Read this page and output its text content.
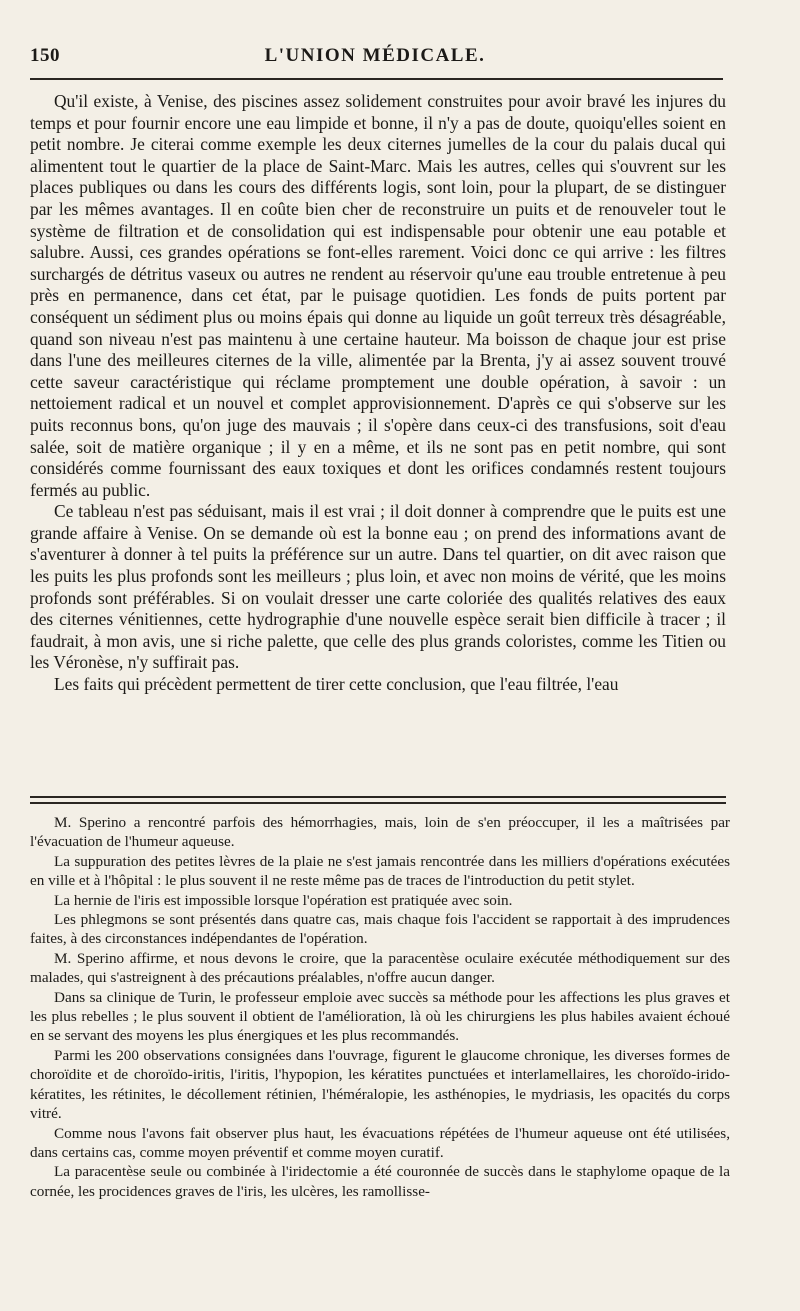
150	L'UNION MÉDICALE.

Qu'il existe, à Venise, des piscines assez solidement construites pour avoir bravé les injures du temps et pour fournir encore une eau limpide et bonne, il n'y a pas de doute, quoiqu'elles soient en petit nombre. Je citerai comme exemple les deux citernes jumelles de la cour du palais ducal qui alimentent tout le quartier de la place de Saint-Marc. Mais les autres, celles qui s'ouvrent sur les places publiques ou dans les cours des différents logis, sont loin, pour la plupart, de se distinguer par les mêmes avantages. Il en coûte bien cher de reconstruire un puits et de renouveler tout le système de filtration et de consolidation qui est indispensable pour obtenir une eau potable et salubre. Aussi, ces grandes opérations se font-elles rarement. Voici donc ce qui arrive : les filtres surchargés de détritus vaseux ou autres ne rendent au réservoir qu'une eau trouble entretenue à peu près en permanence, dans cet état, par le puisage quotidien. Les fonds de puits portent par conséquent un sédiment plus ou moins épais qui donne au liquide un goût terreux très désagréable, quand son niveau n'est pas maintenu à une certaine hauteur. Ma boisson de chaque jour est prise dans l'une des meilleures citernes de la ville, alimentée par la Brenta, j'y ai assez souvent trouvé cette saveur caractéristique qui réclame promptement une double opération, à savoir : un nettoiement radical et un nouvel et complet approvisionnement. D'après ce qui s'observe sur les puits reconnus bons, qu'on juge des mauvais ; il s'opère dans ceux-ci des transfusions, soit d'eau salée, soit de matière organique ; il y en a même, et ils ne sont pas en petit nombre, qui sont considérés comme fournissant des eaux toxiques et dont les orifices condamnés restent toujours fermés au public.

Ce tableau n'est pas séduisant, mais il est vrai ; il doit donner à comprendre que le puits est une grande affaire à Venise. On se demande où est la bonne eau ; on prend des informations avant de s'aventurer à donner à tel puits la préférence sur un autre. Dans tel quartier, on dit avec raison que les puits les plus profonds sont les meilleurs ; plus loin, et avec non moins de vérité, que les moins profonds sont préférables. Si on voulait dresser une carte coloriée des qualités relatives des eaux des citernes vénitiennes, cette hydrographie d'une nouvelle espèce serait bien difficile à tracer ; il faudrait, à mon avis, une si riche palette, que celle des plus grands coloristes, comme les Titien ou les Véronèse, n'y suffirait pas.

Les faits qui précèdent permettent de tirer cette conclusion, que l'eau filtrée, l'eau

M. Sperino a rencontré parfois des hémorrhagies, mais, loin de s'en préoccuper, il les a maîtrisées par l'évacuation de l'humeur aqueuse.

La suppuration des petites lèvres de la plaie ne s'est jamais rencontrée dans les milliers d'opérations exécutées en ville et à l'hôpital : le plus souvent il ne reste même pas de traces de l'introduction du petit stylet.

La hernie de l'iris est impossible lorsque l'opération est pratiquée avec soin.

Les phlegmons se sont présentés dans quatre cas, mais chaque fois l'accident se rapportait à des imprudences faites, à des circonstances indépendantes de l'opération.

M. Sperino affirme, et nous devons le croire, que la paracentèse oculaire exécutée méthodiquement sur des malades, qui s'astreignent à des précautions préalables, n'offre aucun danger.

Dans sa clinique de Turin, le professeur emploie avec succès sa méthode pour les affections les plus graves et les plus rebelles ; le plus souvent il obtient de l'amélioration, là où les chirurgiens les plus habiles avaient échoué en se servant des moyens les plus énergiques et les plus recommandés.

Parmi les 200 observations consignées dans l'ouvrage, figurent le glaucome chronique, les diverses formes de choroïdite et de choroïdo-iritis, l'iritis, l'hypopion, les kératites punctuées et interlamellaires, les choroïdo-irido-kératites, les rétinites, le décollement rétinien, l'héméralopie, les asthénopies, le mydriasis, les opacités du corps vitré.

Comme nous l'avons fait observer plus haut, les évacuations répétées de l'humeur aqueuse ont été utilisées, dans certains cas, comme moyen préventif et comme moyen curatif.

La paracentèse seule ou combinée à l'iridectomie a été couronnée de succès dans le staphylome opaque de la cornée, les procidences graves de l'iris, les ulcères, les ramollisse-
